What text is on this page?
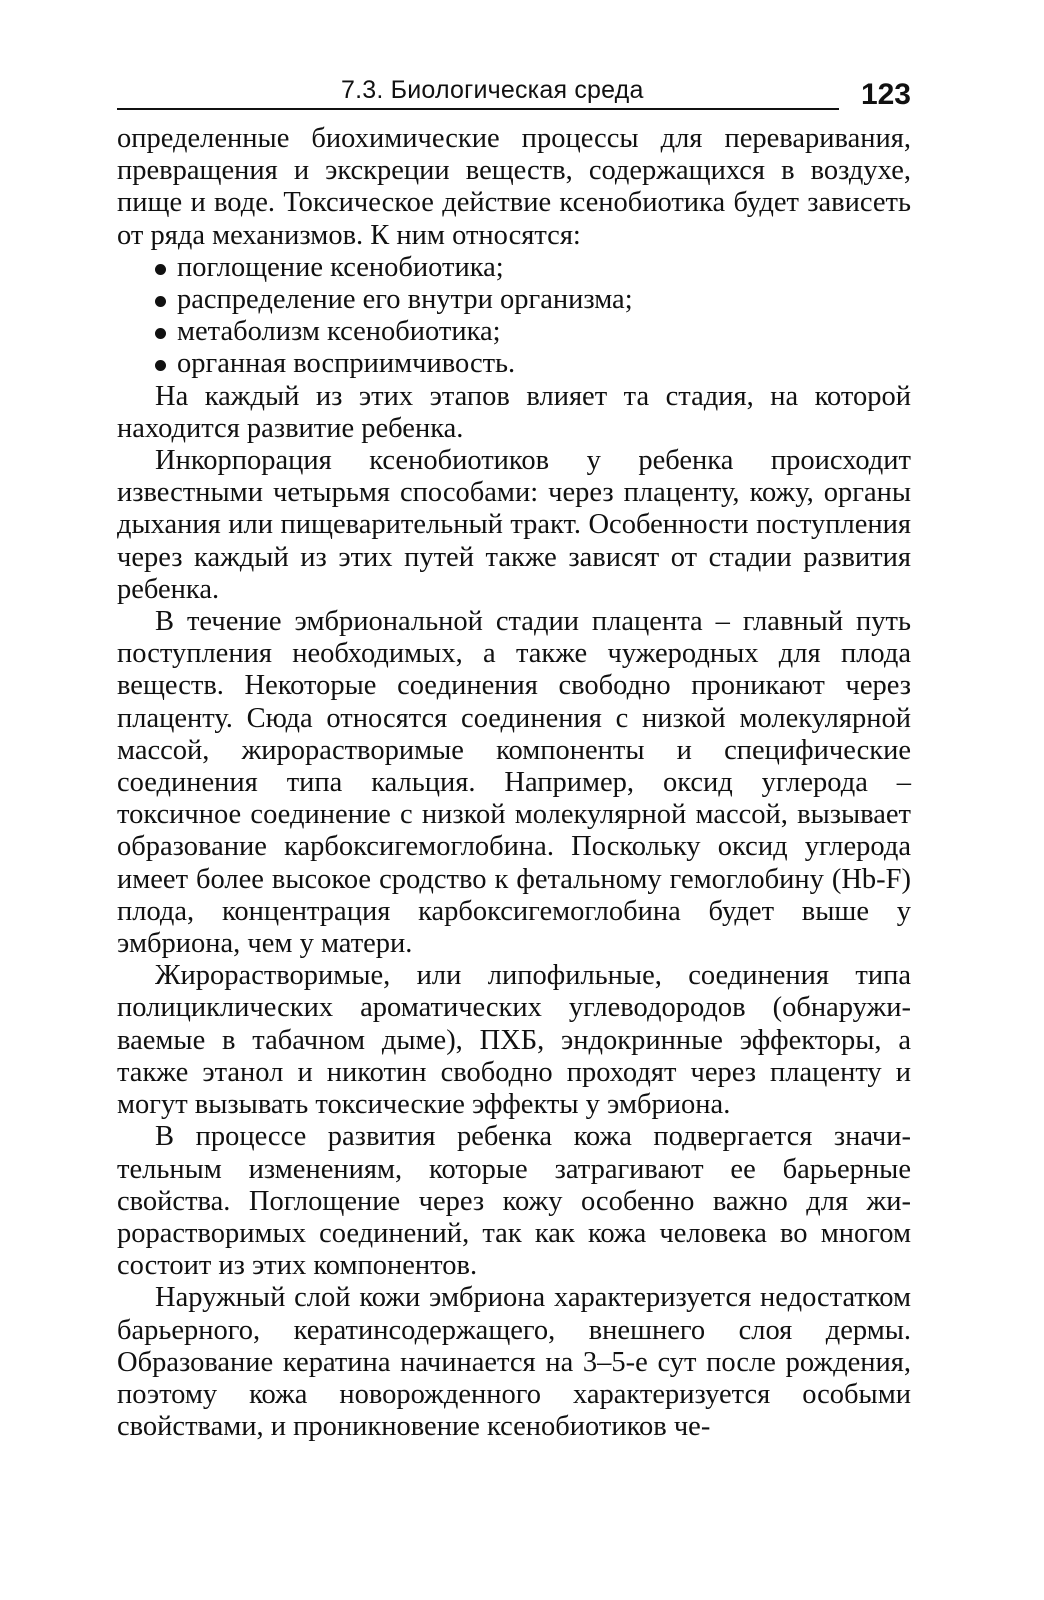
7.3. Биологическая среда	123

определенные биохимические процессы для переваривания, превращения и экскреции веществ, содержащихся в воздухе, пище и воде. Токсическое действие ксенобиотика будет зависеть от ряда механизмов. К ним относятся:

поглощение ксенобиотика;
распределение его внутри организма;
метаболизм ксенобиотика;
органная восприимчивость.

На каждый из этих этапов влияет та стадия, на которой находится развитие ребенка.

Инкорпорация ксенобиотиков у ребенка происходит известными четырьмя способами: через плаценту, кожу, органы дыхания или пищеварительный тракт. Особенности поступления через каждый из этих путей также зависят от стадии развития ребенка.

В течение эмбриональной стадии плацента – главный путь поступления необходимых, а также чужеродных для плода веществ. Некоторые соединения свободно проникают через плаценту. Сюда относятся соединения с низкой молекулярной массой, жирорастворимые компоненты и специфические соединения типа кальция. Например, оксид углерода – токсичное соединение с низкой молекулярной массой, вызывает образование карбоксигемоглобина. Поскольку оксид углерода имеет более высокое сродство к фетальному гемоглобину (Hb-F) плода, концентрация карбоксигемоглобина будет выше у эмбриона, чем у матери.

Жирорастворимые, или липофильные, соединения типа полициклических ароматических углеводородов (обнаруживаемые в табачном дыме), ПХБ, эндокринные эффекторы, а также этанол и никотин свободно проходят через плаценту и могут вызывать токсические эффекты у эмбриона.

В процессе развития ребенка кожа подвергается значительным изменениям, которые затрагивают ее барьерные свойства. Поглощение через кожу особенно важно для жирорастворимых соединений, так как кожа человека во многом состоит из этих компонентов.

Наружный слой кожи эмбриона характеризуется недостатком барьерного, кератинсодержащего, внешнего слоя дермы. Образование кератина начинается на 3–5-е сут после рождения, поэтому кожа новорожденного характеризуется особыми свойствами, и проникновение ксенобиотиков че-
